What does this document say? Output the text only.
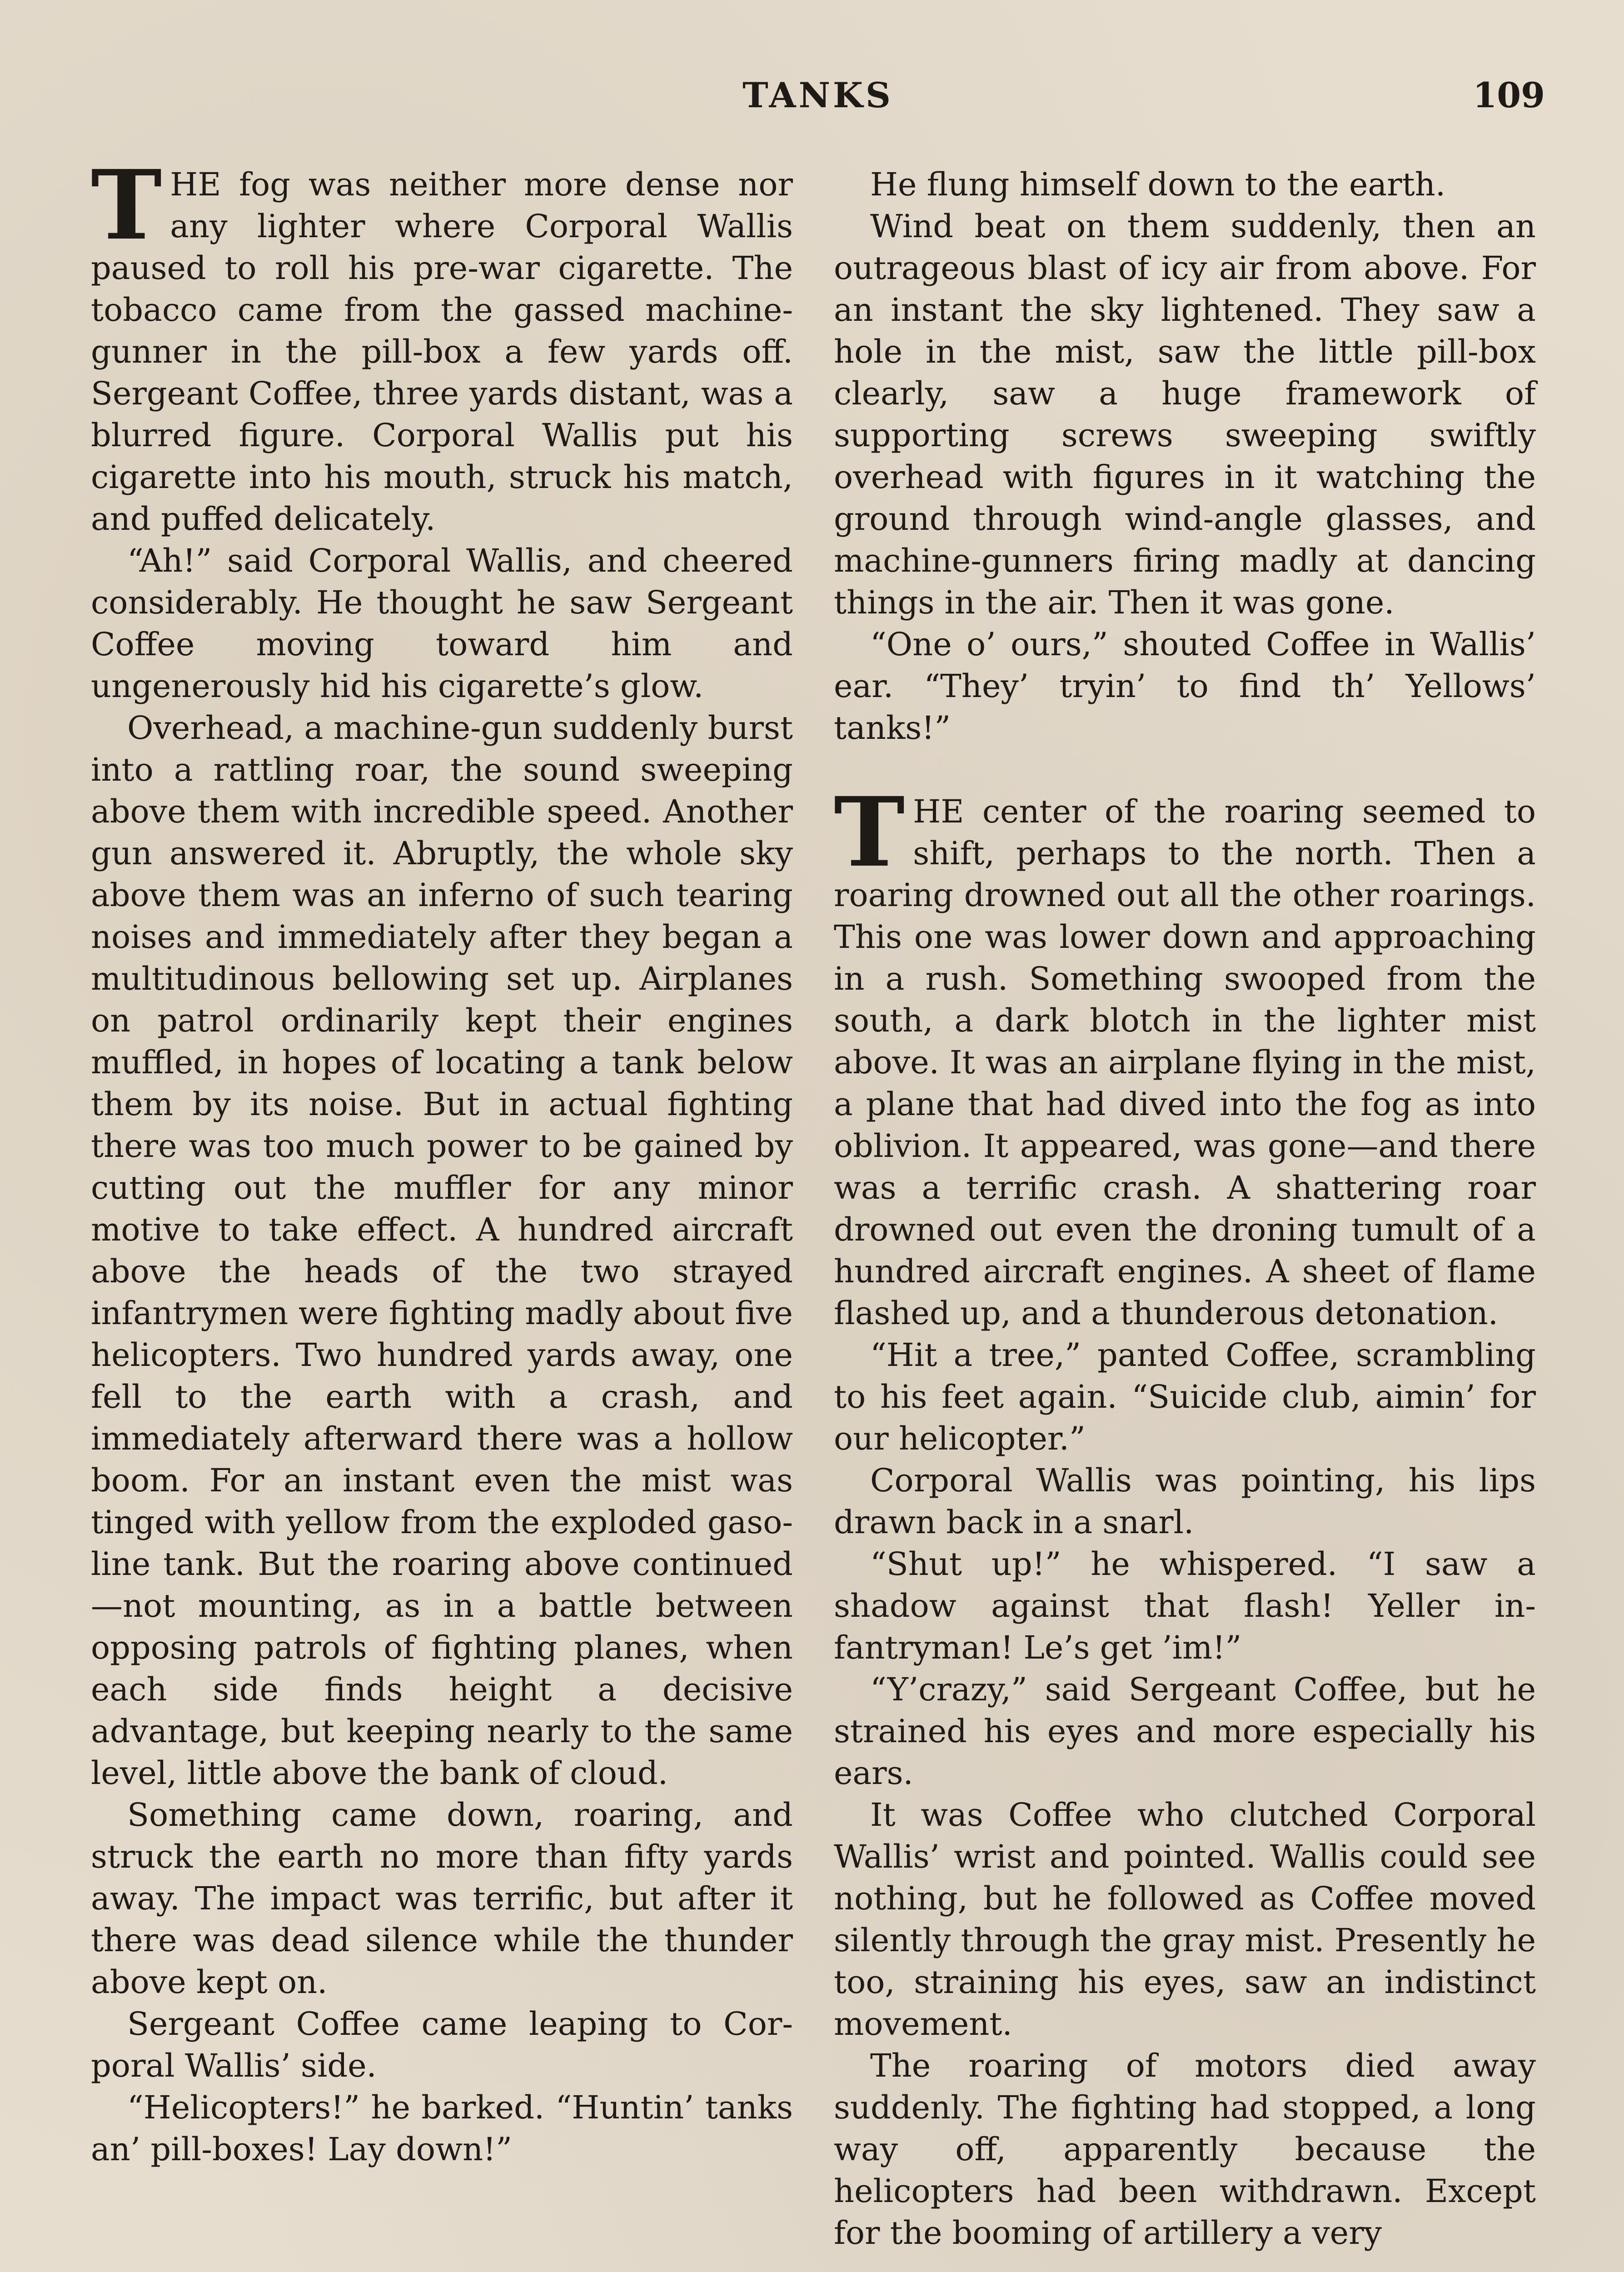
TANKS	109

THE fog was neither more dense nor any lighter where Corporal Wallis paused to roll his pre-war cigarette. The tobacco came from the gassed machine-gunner in the pill-box a few yards off. Sergeant Coffee, three yards distant, was a blurred figure. Corporal Wallis put his cigarette into his mouth, struck his match, and puffed delicately.

“Ah!” said Corporal Wallis, and cheered considerably. He thought he saw Sergeant Coffee moving toward him and ungenerously hid his cigarette’s glow.

Overhead, a machine-gun suddenly burst into a rattling roar, the sound sweeping above them with incredible speed. Another gun answered it. Abruptly, the whole sky above them was an inferno of such tearing noises and immediately after they began a multitudinous bellowing set up. Airplanes on patrol ordinarily kept their engines muffled, in hopes of locating a tank below them by its noise. But in actual fighting there was too much power to be gained by cutting out the muffler for any minor motive to take effect. A hundred aircraft above the heads of the two strayed infantrymen were fighting madly about five helicopters. Two hundred yards away, one fell to the earth with a crash, and immediately afterward there was a hollow boom. For an instant even the mist was tinged with yellow from the exploded gasoline tank. But the roaring above continued—not mounting, as in a battle between opposing patrols of fighting planes, when each side finds height a decisive advantage, but keeping nearly to the same level, little above the bank of cloud.

Something came down, roaring, and struck the earth no more than fifty yards away. The impact was terrific, but after it there was dead silence while the thunder above kept on.

Sergeant Coffee came leaping to Corporal Wallis’ side.

“Helicopters!” he barked. “Huntin’ tanks an’ pill-boxes! Lay down!”

He flung himself down to the earth.

Wind beat on them suddenly, then an outrageous blast of icy air from above. For an instant the sky lightened. They saw a hole in the mist, saw the little pill-box clearly, saw a huge framework of supporting screws sweeping swiftly overhead with figures in it watching the ground through wind-angle glasses, and machine-gunners firing madly at dancing things in the air. Then it was gone.

“One o’ ours,” shouted Coffee in Wallis’ ear. “They’ tryin’ to find th’ Yellows’ tanks!”

THE center of the roaring seemed to shift, perhaps to the north. Then a roaring drowned out all the other roarings. This one was lower down and approaching in a rush. Something swooped from the south, a dark blotch in the lighter mist above. It was an airplane flying in the mist, a plane that had dived into the fog as into oblivion. It appeared, was gone—and there was a terrific crash. A shattering roar drowned out even the droning tumult of a hundred aircraft engines. A sheet of flame flashed up, and a thunderous detonation.

“Hit a tree,” panted Coffee, scrambling to his feet again. “Suicide club, aimin’ for our helicopter.”

Corporal Wallis was pointing, his lips drawn back in a snarl.

“Shut up!” he whispered. “I saw a shadow against that flash! Yeller infantryman! Le’s get ’im!”

“Y’crazy,” said Sergeant Coffee, but he strained his eyes and more especially his ears.

It was Coffee who clutched Corporal Wallis’ wrist and pointed. Wallis could see nothing, but he followed as Coffee moved silently through the gray mist. Presently he too, straining his eyes, saw an indistinct movement.

The roaring of motors died away suddenly. The fighting had stopped, a long way off, apparently because the helicopters had been withdrawn. Except for the booming of artillery a very
